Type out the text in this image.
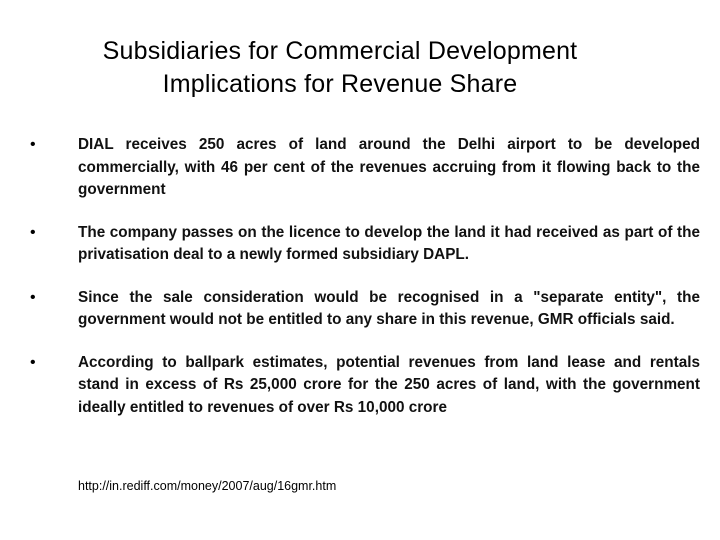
Subsidiaries for Commercial Development
Implications for Revenue Share
•	DIAL receives 250 acres of land around the Delhi airport to be developed commercially, with 46 per cent of the revenues accruing from it flowing back to the government
•	The company passes on the licence to develop the land it had received as part of the privatisation deal to a newly formed subsidiary DAPL.
•	Since the sale consideration would be recognised in a "separate entity", the government would not be entitled to any share in this revenue, GMR officials said.
•	According to ballpark estimates, potential revenues from land lease and rentals stand in excess of Rs 25,000 crore for the 250 acres of land, with the government ideally entitled to revenues of over Rs 10,000 crore
http://in.rediff.com/money/2007/aug/16gmr.htm
